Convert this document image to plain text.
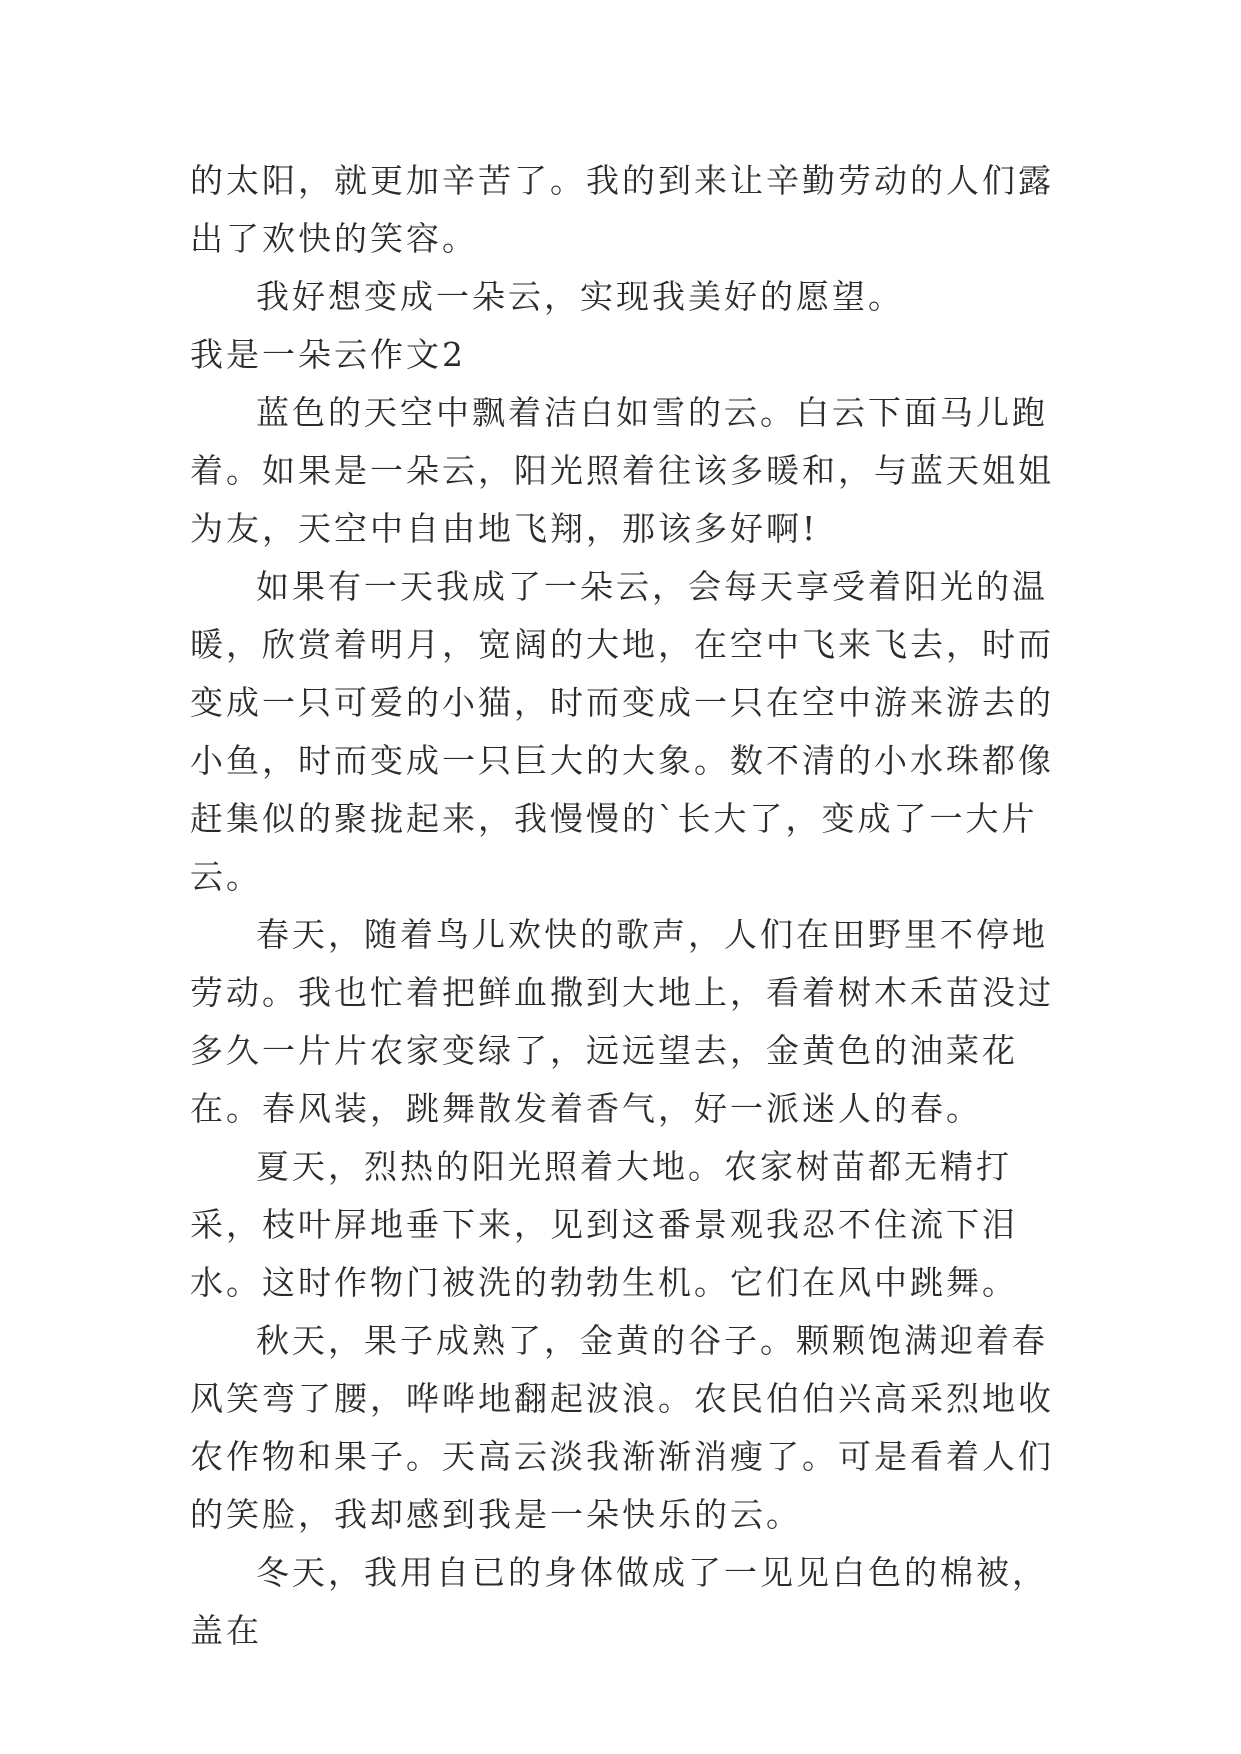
的太阳，就更加辛苦了。我的到来让辛勤劳动的人们露出了欢快的笑容。

我好想变成一朵云，实现我美好的愿望。

我是一朵云作文2

蓝色的天空中飘着洁白如雪的云。白云下面马儿跑着。如果是一朵云，阳光照着往该多暖和，与蓝天姐姐为友，天空中自由地飞翔，那该多好啊!

如果有一天我成了一朵云，会每天享受着阳光的温暖，欣赏着明月，宽阔的大地，在空中飞来飞去，时而变成一只可爱的小猫，时而变成一只在空中游来游去的小鱼，时而变成一只巨大的大象。数不清的小水珠都像赶集似的聚拢起来，我慢慢的`长大了，变成了一大片云。

春天，随着鸟儿欢快的歌声，人们在田野里不停地劳动。我也忙着把鲜血撒到大地上，看着树木禾苗没过多久一片片农家变绿了，远远望去，金黄色的油菜花在。春风装，跳舞散发着香气，好一派迷人的春。

夏天，烈热的阳光照着大地。农家树苗都无精打采，枝叶屏地垂下来，见到这番景观我忍不住流下泪水。这时作物门被洗的勃勃生机。它们在风中跳舞。

秋天，果子成熟了，金黄的谷子。颗颗饱满迎着春风笑弯了腰，哗哗地翻起波浪。农民伯伯兴高采烈地收农作物和果子。天高云淡我渐渐消瘦了。可是看着人们的笑脸，我却感到我是一朵快乐的云。

冬天，我用自已的身体做成了一见见白色的棉被，盖在
